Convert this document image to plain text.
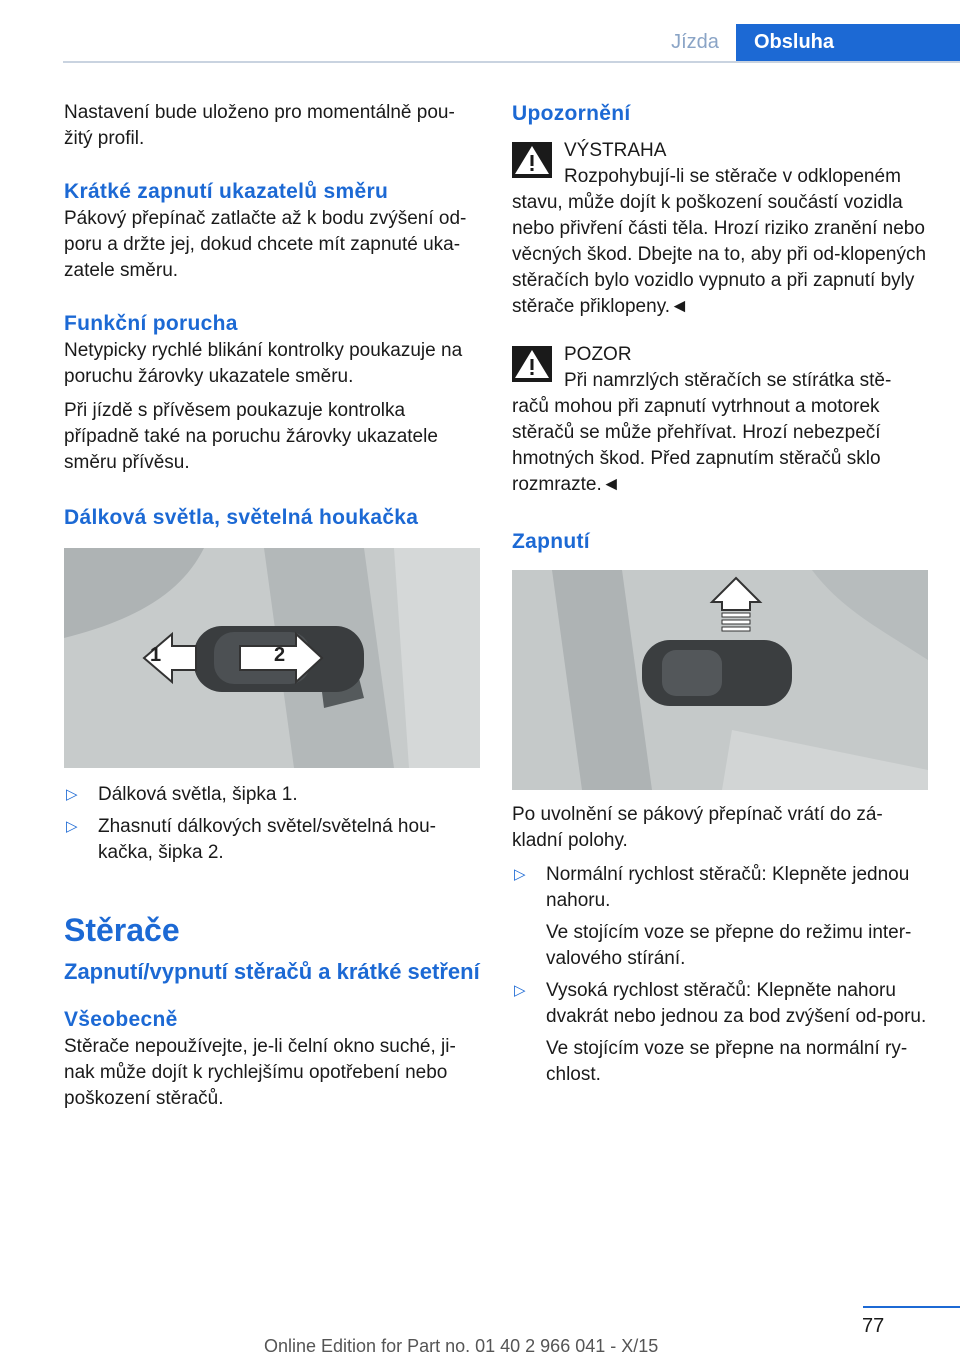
Jízda	Obsluha

Nastavení bude uloženo pro momentálně pou‐žitý profil.

Krátké zapnutí ukazatelů směru

Pákový přepínač zatlačte až k bodu zvýšení od‐poru a držte jej, dokud chcete mít zapnuté uka‐zatele směru.

Funkční porucha

Netypicky rychlé blikání kontrolky poukazuje na poruchu žárovky ukazatele směru.

Při jízdě s přívěsem poukazuje kontrolka případně také na poruchu žárovky ukazatele směru přívěsu.

Dálková světla, světelná houkačka
1	2
▷ Dálková světla, šipka 1.
▷ Zhasnutí dálkových světel/světelná hou‐kačka, šipka 2.
Stěrače
Zapnutí/vypnutí stěračů a krátké setření
Všeobecně

Stěrače nepoužívejte, je-li čelní okno suché, ji‐nak může dojít k rychlejšímu opotřebení nebo poškození stěračů.

Upozornění

VÝSTRAHA

Rozpohybují-li se stěrače v odklopeném stavu, může dojít k poškození součástí vozidla nebo přivření části těla. Hrozí riziko zranění nebo věcných škod. Dbejte na to, aby při od‐klopených stěračích bylo vozidlo vypnuto a při zapnutí byly stěrače přiklopeny.◄

POZOR

Při namrzlých stěračích se stírátka stě‐račů mohou při zapnutí vytrhnout a motorek stěračů se může přehřívat. Hrozí nebezpečí hmotných škod. Před zapnutím stěračů sklo rozmrazte.◄

Zapnutí

Po uvolnění se pákový přepínač vrátí do zá‐kladní polohy.

▷ Normální rychlost stěračů: Klepněte jednou nahoru.
Ve stojícím voze se přepne do režimu inter‐valového stírání.
▷ Vysoká rychlost stěračů: Klepněte nahoru dvakrát nebo jednou za bod zvýšení od‐poru.
Ve stojícím voze se přepne na normální ry‐chlost.
77
Online Edition for Part no. 01 40 2 966 041 - X/15
